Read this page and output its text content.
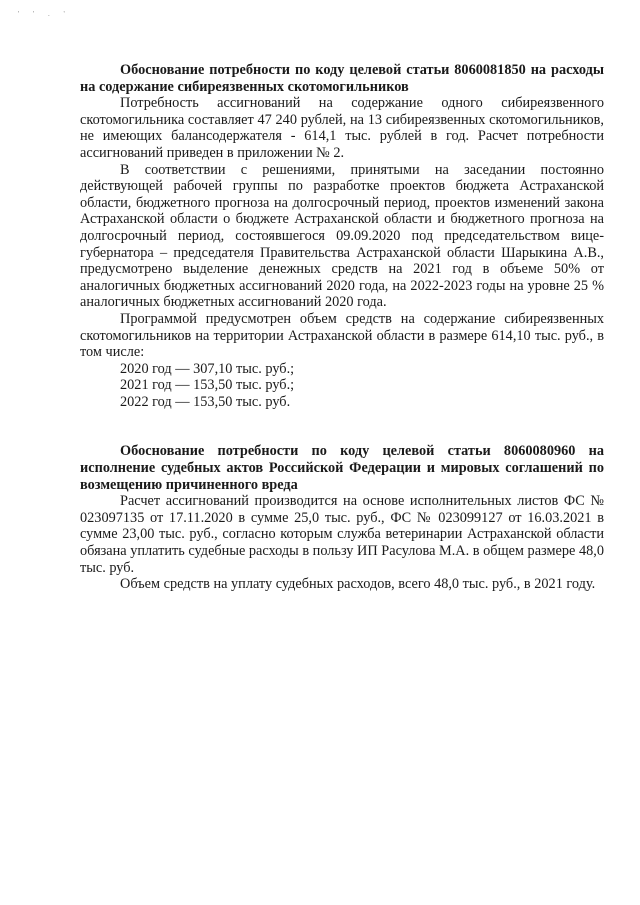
' ' . '

Обоснование потребности по коду целевой статьи 8060081850 на расходы на содержание сибиреязвенных скотомогильников

Потребность ассигнований на содержание одного сибиреязвенного скотомогильника составляет 47 240 рублей, на 13 сибиреязвенных скотомогильников, не имеющих балансодержателя - 614,1 тыс. рублей в год. Расчет потребности ассигнований приведен в приложении № 2.

В соответствии с решениями, принятыми на заседании постоянно действующей рабочей группы по разработке проектов бюджета Астраханской области, бюджетного прогноза на долгосрочный период, проектов изменений закона Астраханской области о бюджете Астраханской области и бюджетного прогноза на долгосрочный период, состоявшегося 09.09.2020 под председательством вице-губернатора – председателя Правительства Астраханской области Шарыкина А.В., предусмотрено выделение денежных средств на 2021 год в объеме 50% от аналогичных бюджетных ассигнований 2020 года, на 2022-2023 годы на уровне 25 % аналогичных бюджетных ассигнований 2020 года.

Программой предусмотрен объем средств на содержание сибиреязвенных скотомогильников на территории Астраханской области в размере 614,10 тыс. руб., в том числе:

2020 год — 307,10 тыс. руб.;
2021 год — 153,50 тыс. руб.;
2022 год — 153,50 тыс. руб.

Обоснование потребности по коду целевой статьи 8060080960 на исполнение судебных актов Российской Федерации и мировых соглашений по возмещению причиненного вреда

Расчет ассигнований производится на основе исполнительных листов ФС № 023097135 от 17.11.2020 в сумме 25,0 тыс. руб., ФС № 023099127 от 16.03.2021 в сумме 23,00 тыс. руб., согласно которым служба ветеринарии Астраханской области обязана уплатить судебные расходы в пользу ИП Расулова М.А. в общем размере 48,0 тыс. руб.

Объем средств на уплату судебных расходов, всего 48,0 тыс. руб., в 2021 году.
